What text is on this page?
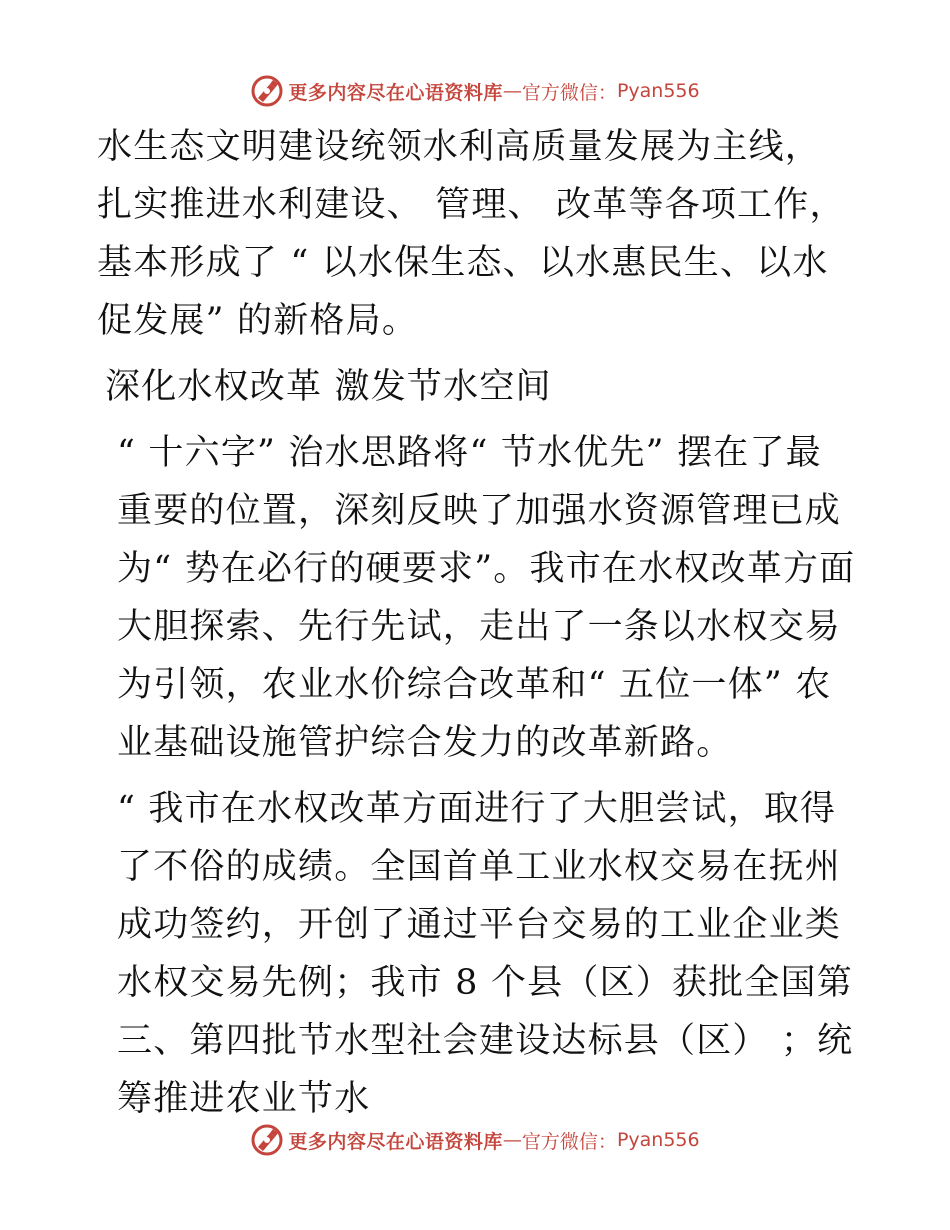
更多内容尽在心语资料库 — 官方微信： Pyan556

水生态文明建设统领水利高质量发展为主线， 扎实推进水利建设、 管理、 改革等各项工作， 基本形成了 “ 以水保生态、以水惠民生、以水促发展” 的新格局。

深化水权改革 激发节水空间

“ 十六字” 治水思路将“ 节水优先” 摆在了最重要的位置，深刻反映了加强水资源管理已成为“ 势在必行的硬要求”。我市在水权改革方面大胆探索、先行先试，走出了一条以水权交易为引领，农业水价综合改革和“ 五位一体” 农业基础设施管护综合发力的改革新路。

“ 我市在水权改革方面进行了大胆尝试，取得了不俗的成绩。全国首单工业水权交易在抚州成功签约，开创了通过平台交易的工业企业类水权交易先例；我市 8 个县（区）获批全国第三、第四批节水型社会建设达标县（区） ；统筹推进农业节水

更多内容尽在心语资料库 — 官方微信： Pyan556
